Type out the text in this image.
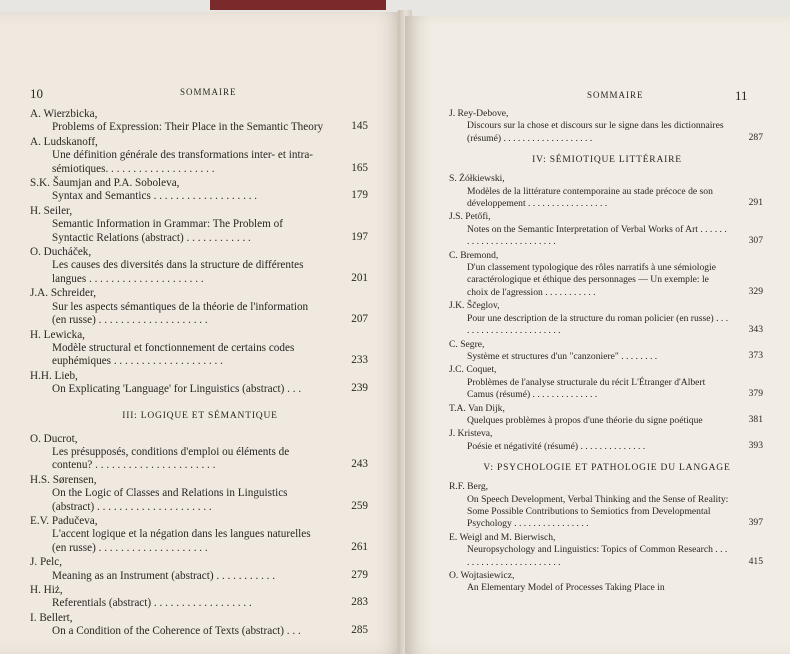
10	SOMMAIRE
A. Wierzbicka,
Problems of Expression: Their Place in the Semantic Theory	145
A. Ludskanoff,
Une définition générale des transformations inter- et intra-sémiotiques. . . . . . . . . . . . . . . . . . . .	165
S.K. Šaumjan and P.A. Soboleva,
Syntax and Semantics . . . . . . . . . . . . . . . . . . .	179
H. Seiler,
Semantic Information in Grammar: The Problem of Syntactic Relations (abstract) . . . . . . . . . . . .	197
O. Ducháček,
Les causes des diversités dans la structure de différentes langues . . . . . . . . . . . . . . . . . . . . .	201
J.A. Schreider,
Sur les aspects sémantiques de la théorie de l'information (en russe) . . . . . . . . . . . . . . . . . . . .	207
H. Lewicka,
Modèle structural et fonctionnement de certains codes euphémiques . . . . . . . . . . . . . . . . . . . .	233
H.H. Lieb,
On Explicating 'Language' for Linguistics (abstract) . . .	239
III: LOGIQUE ET SÉMANTIQUE
O. Ducrot,
Les présupposés, conditions d'emploi ou éléments de contenu? . . . . . . . . . . . . . . . . . . . . . .	243
H.S. Sørensen,
On the Logic of Classes and Relations in Linguistics (abstract) . . . . . . . . . . . . . . . . . . . . .	259
E.V. Padučeva,
L'accent logique et la négation dans les langues naturelles (en russe) . . . . . . . . . . . . . . . . . . . .	261
J. Pelc,
Meaning as an Instrument (abstract) . . . . . . . . . . .	279
H. Hiż,
Referentials (abstract) . . . . . . . . . . . . . . . . . .	283
I. Bellert,
On a Condition of the Coherence of Texts (abstract) . . .	285
SOMMAIRE	11
J. Rey-Debove,
Discours sur la chose et discours sur le signe dans les dictionnaires (résumé) . . . . . . . . . . . . . . . . . . .	287
IV: SÉMIOTIQUE LITTÉRAIRE
S. Żółkiewski,
Modèles de la littérature contemporaine au stade précoce de son développement . . . . . . . . . . . . . . . . .	291
J.S. Petőfi,
Notes on the Semantic Interpretation of Verbal Works of Art . . . . . . . . . . . . . . . . . . . . . . . . .	307
C. Bremond,
D'un classement typologique des rôles narratifs à une sémiologie caractérologique et éthique des personnages — Un exemple: le choix de l'agression . . . . . . . . . . .	329
J.K. Ščeglov,
Pour une description de la structure du roman policier (en russe) . . . . . . . . . . . . . . . . . . . . . . .	343
C. Segre,
Système et structures d'un "canzoniere" . . . . . . . .	373
J.C. Coquet,
Problèmes de l'analyse structurale du récit L'Étranger d'Albert Camus (résumé) . . . . . . . . . . . . . .	379
T.A. Van Dijk,
Quelques problèmes à propos d'une théorie du signe poétique	381
J. Kristeva,
Poésie et négativité (résumé) . . . . . . . . . . . . . .	393
V: PSYCHOLOGIE ET PATHOLOGIE DU LANGAGE
R.F. Berg,
On Speech Development, Verbal Thinking and the Sense of Reality: Some Possible Contributions to Semiotics from Developmental Psychology . . . . . . . . . . . . . . . .	397
E. Weigl and M. Bierwisch,
Neuropsychology and Linguistics: Topics of Common Research . . . . . . . . . . . . . . . . . . . . . . .	415
O. Wojtasiewicz,
An Elementary Model of Processes Taking Place in
